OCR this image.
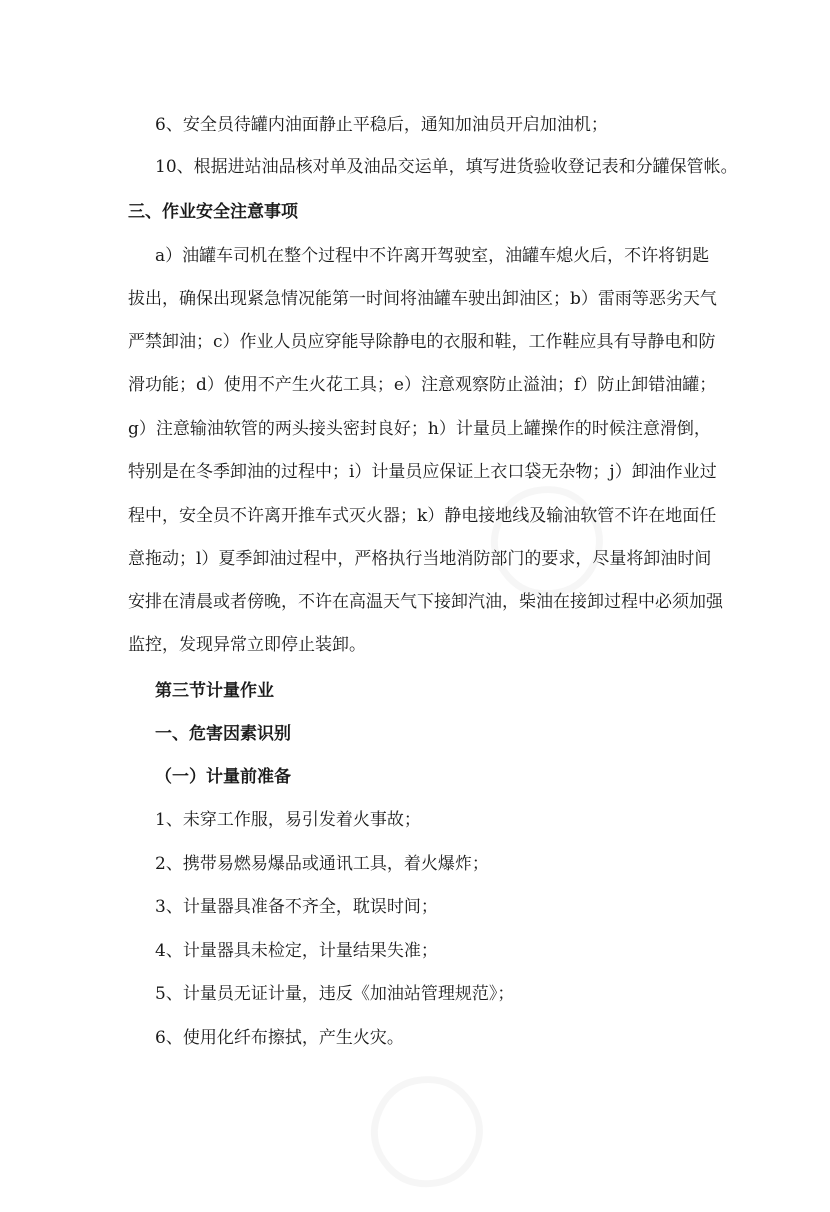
6、安全员待罐内油面静止平稳后，通知加油员开启加油机；
10、根据进站油品核对单及油品交运单，填写进货验收登记表和分罐保管帐。
三、作业安全注意事项
a）油罐车司机在整个过程中不许离开驾驶室，油罐车熄火后，不许将钥匙
拔出，确保出现紧急情况能第一时间将油罐车驶出卸油区；b）雷雨等恶劣天气
严禁卸油；c）作业人员应穿能导除静电的衣服和鞋，工作鞋应具有导静电和防
滑功能；d）使用不产生火花工具；e）注意观察防止溢油；f）防止卸错油罐；
g）注意输油软管的两头接头密封良好；h）计量员上罐操作的时候注意滑倒，
特别是在冬季卸油的过程中；i）计量员应保证上衣口袋无杂物；j）卸油作业过
程中，安全员不许离开推车式灭火器；k）静电接地线及输油软管不许在地面任
意拖动；l）夏季卸油过程中，严格执行当地消防部门的要求，尽量将卸油时间
安排在清晨或者傍晚，不许在高温天气下接卸汽油，柴油在接卸过程中必须加强
监控，发现异常立即停止装卸。
第三节计量作业
一、危害因素识别
（一）计量前准备
1、未穿工作服，易引发着火事故；
2、携带易燃易爆品或通讯工具，着火爆炸；
3、计量器具准备不齐全，耽误时间；
4、计量器具未检定，计量结果失准；
5、计量员无证计量，违反《加油站管理规范》；
6、使用化纤布擦拭，产生火灾。
